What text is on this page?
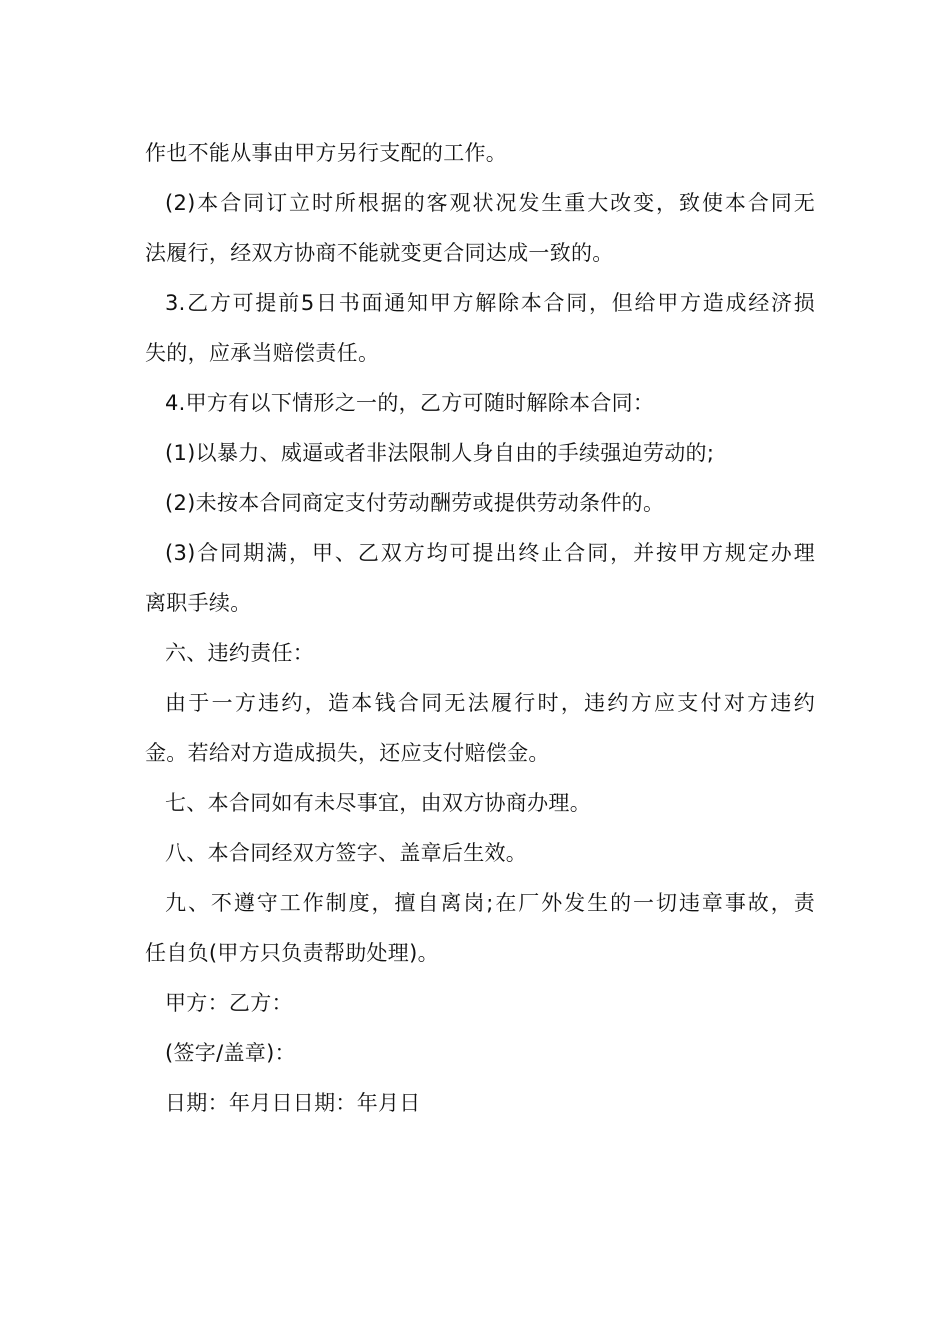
作也不能从事由甲方另行支配的工作。
(2)本合同订立时所根据的客观状况发生重大改变，致使本合同无
法履行，经双方协商不能就变更合同达成一致的。
3.乙方可提前5日书面通知甲方解除本合同，但给甲方造成经济损
失的，应承当赔偿责任。
4.甲方有以下情形之一的，乙方可随时解除本合同：
(1)以暴力、威逼或者非法限制人身自由的手续强迫劳动的;
(2)未按本合同商定支付劳动酬劳或提供劳动条件的。
(3)合同期满，甲、乙双方均可提出终止合同，并按甲方规定办理
离职手续。
六、违约责任：
由于一方违约，造本钱合同无法履行时，违约方应支付对方违约
金。若给对方造成损失，还应支付赔偿金。
七、本合同如有未尽事宜，由双方协商办理。
八、本合同经双方签字、盖章后生效。
九、不遵守工作制度，擅自离岗;在厂外发生的一切违章事故，责
任自负(甲方只负责帮助处理)。
甲方：乙方：
(签字/盖章)：
日期：年月日日期：年月日
